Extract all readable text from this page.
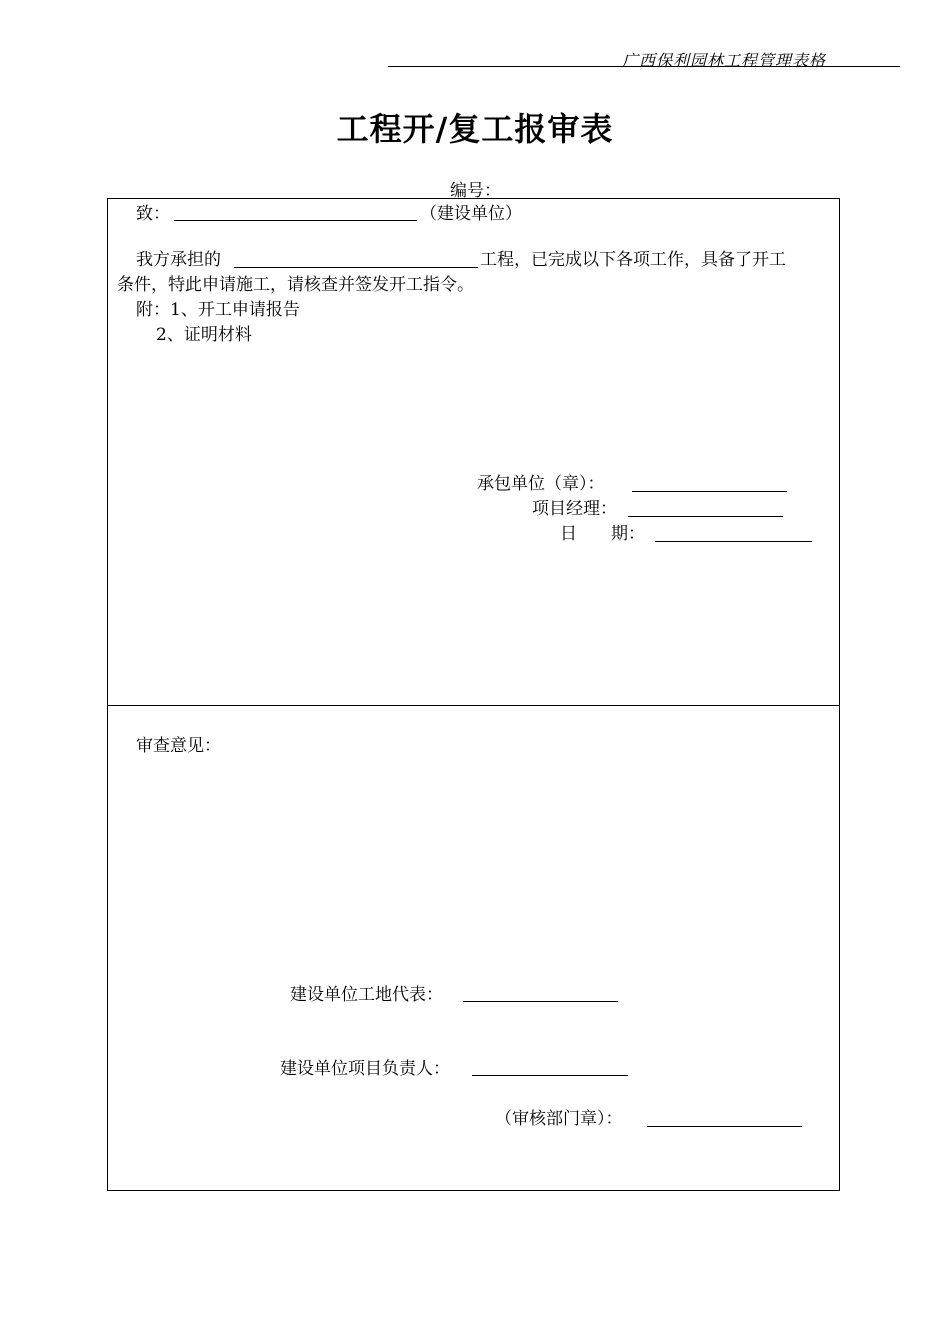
广西保利园林工程管理表格
工程开/复工报审表
编号：
致：	（建设单位）
我方承担的	工程，已完成以下各项工作，具备了开工
条件，特此申请施工，请核查并签发开工指令。
附：1、开工申请报告
2、证明材料
承包单位（章）：
项目经理：
日　　期：
审查意见：
建设单位工地代表：
建设单位项目负责人：
（审核部门章）：
